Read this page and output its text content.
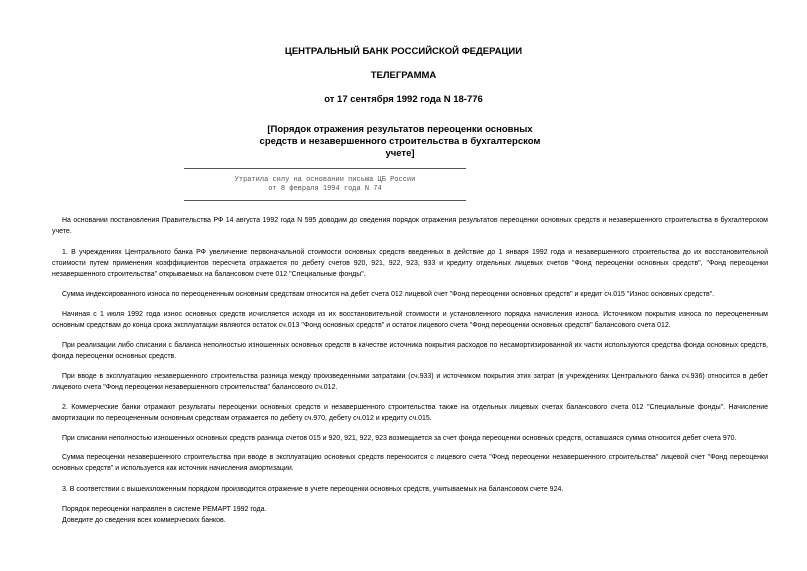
ЦЕНТРАЛЬНЫЙ БАНК РОССИЙСКОЙ ФЕДЕРАЦИИ
ТЕЛЕГРАММА
от 17 сентября 1992 года N 18-776
[Порядок отражения результатов переоценки основных средств и незавершенного строительства в бухгалтерском учете]
Утратила силу на основании письма ЦБ России
от 8 февраля 1994 года N 74
На основании постановления Правительства РФ 14 августа 1992 года N 595 доводим до сведения порядок отражения результатов переоценки основных средств и незавершенного строительства в бухгалтерском учете.
1. В учреждениях Центрального банка РФ увеличение первоначальной стоимости основных средств введенных в действие до 1 января 1992 года и незавершенного строительства до их восстановительной стоимости путем применения коэффициентов пересчета отражается по дебету счетов 920, 921, 922, 923, 933 и кредиту отдельных лицевых счетов "Фонд переоценки основных средств", "Фонд переоценки незавершенного строительства" открываемых на балансовом счете 012 "Специальные фонды".
Сумма индексированного износа по переоцененным основным средствам относится на дебет счета 012 лицевой счет "Фонд переоценки основных средств" и кредит сч.015 "Износ основных средств".
Начиная с 1 июля 1992 года износ основных средств исчисляется исходя из их восстановительной стоимости и установленного порядка начисления износа. Источником покрытия износа по переоцененным основным средствам до конца срока эксплуатации являются остаток сч.013 "Фонд основных средств" и остаток лицевого счета "Фонд переоценки основных средств" балансового счета 012.
При реализации либо списании с баланса неполностью изношенных основных средств в качестве источника покрытия расходов по несамортизированной их части используются средства фонда основных средств, фонда переоценки основных средств.
При вводе в эксплуатацию незавершенного строительства разница между произведенными затратами (сч.933) и источником покрытия этих затрат (в учреждениях Центрального банка сч.936) относится в дебет лицевого счета "Фонд переоценки незавершенного строительства" балансового сч.012.
2. Коммерческие банки отражают результаты переоценки основных средств и незавершенного строительства также на отдельных лицевых счетах балансового счета 012 "Специальные фонды". Начисление амортизации по переоцененным основным средствам отражается по дебету сч.970, дебету сч.012 и кредиту сч.015.
При списании неполностью изношенных основных средств разница счетов 015 и 920, 921, 922, 923 возмещается за счет фонда переоценки основных средств, оставшаяся сумма относится дебет счета 970.
Сумма переоценки незавершенного строительства при вводе в эксплуатацию основных средств переносится с лицевого счета "Фонд переоценки незавершенного строительства" лицевой счет "Фонд переоценки основных средств" и используется как источник начисления амортизации.
3. В соответствии с вышеизложенным порядком производится отражение в учете переоценки основных средств, учитываемых на балансовом счете 924.
Порядок переоценки направлен в системе РЕМАРТ 1992 года.
Доведите до сведения всех коммерческих банков.
